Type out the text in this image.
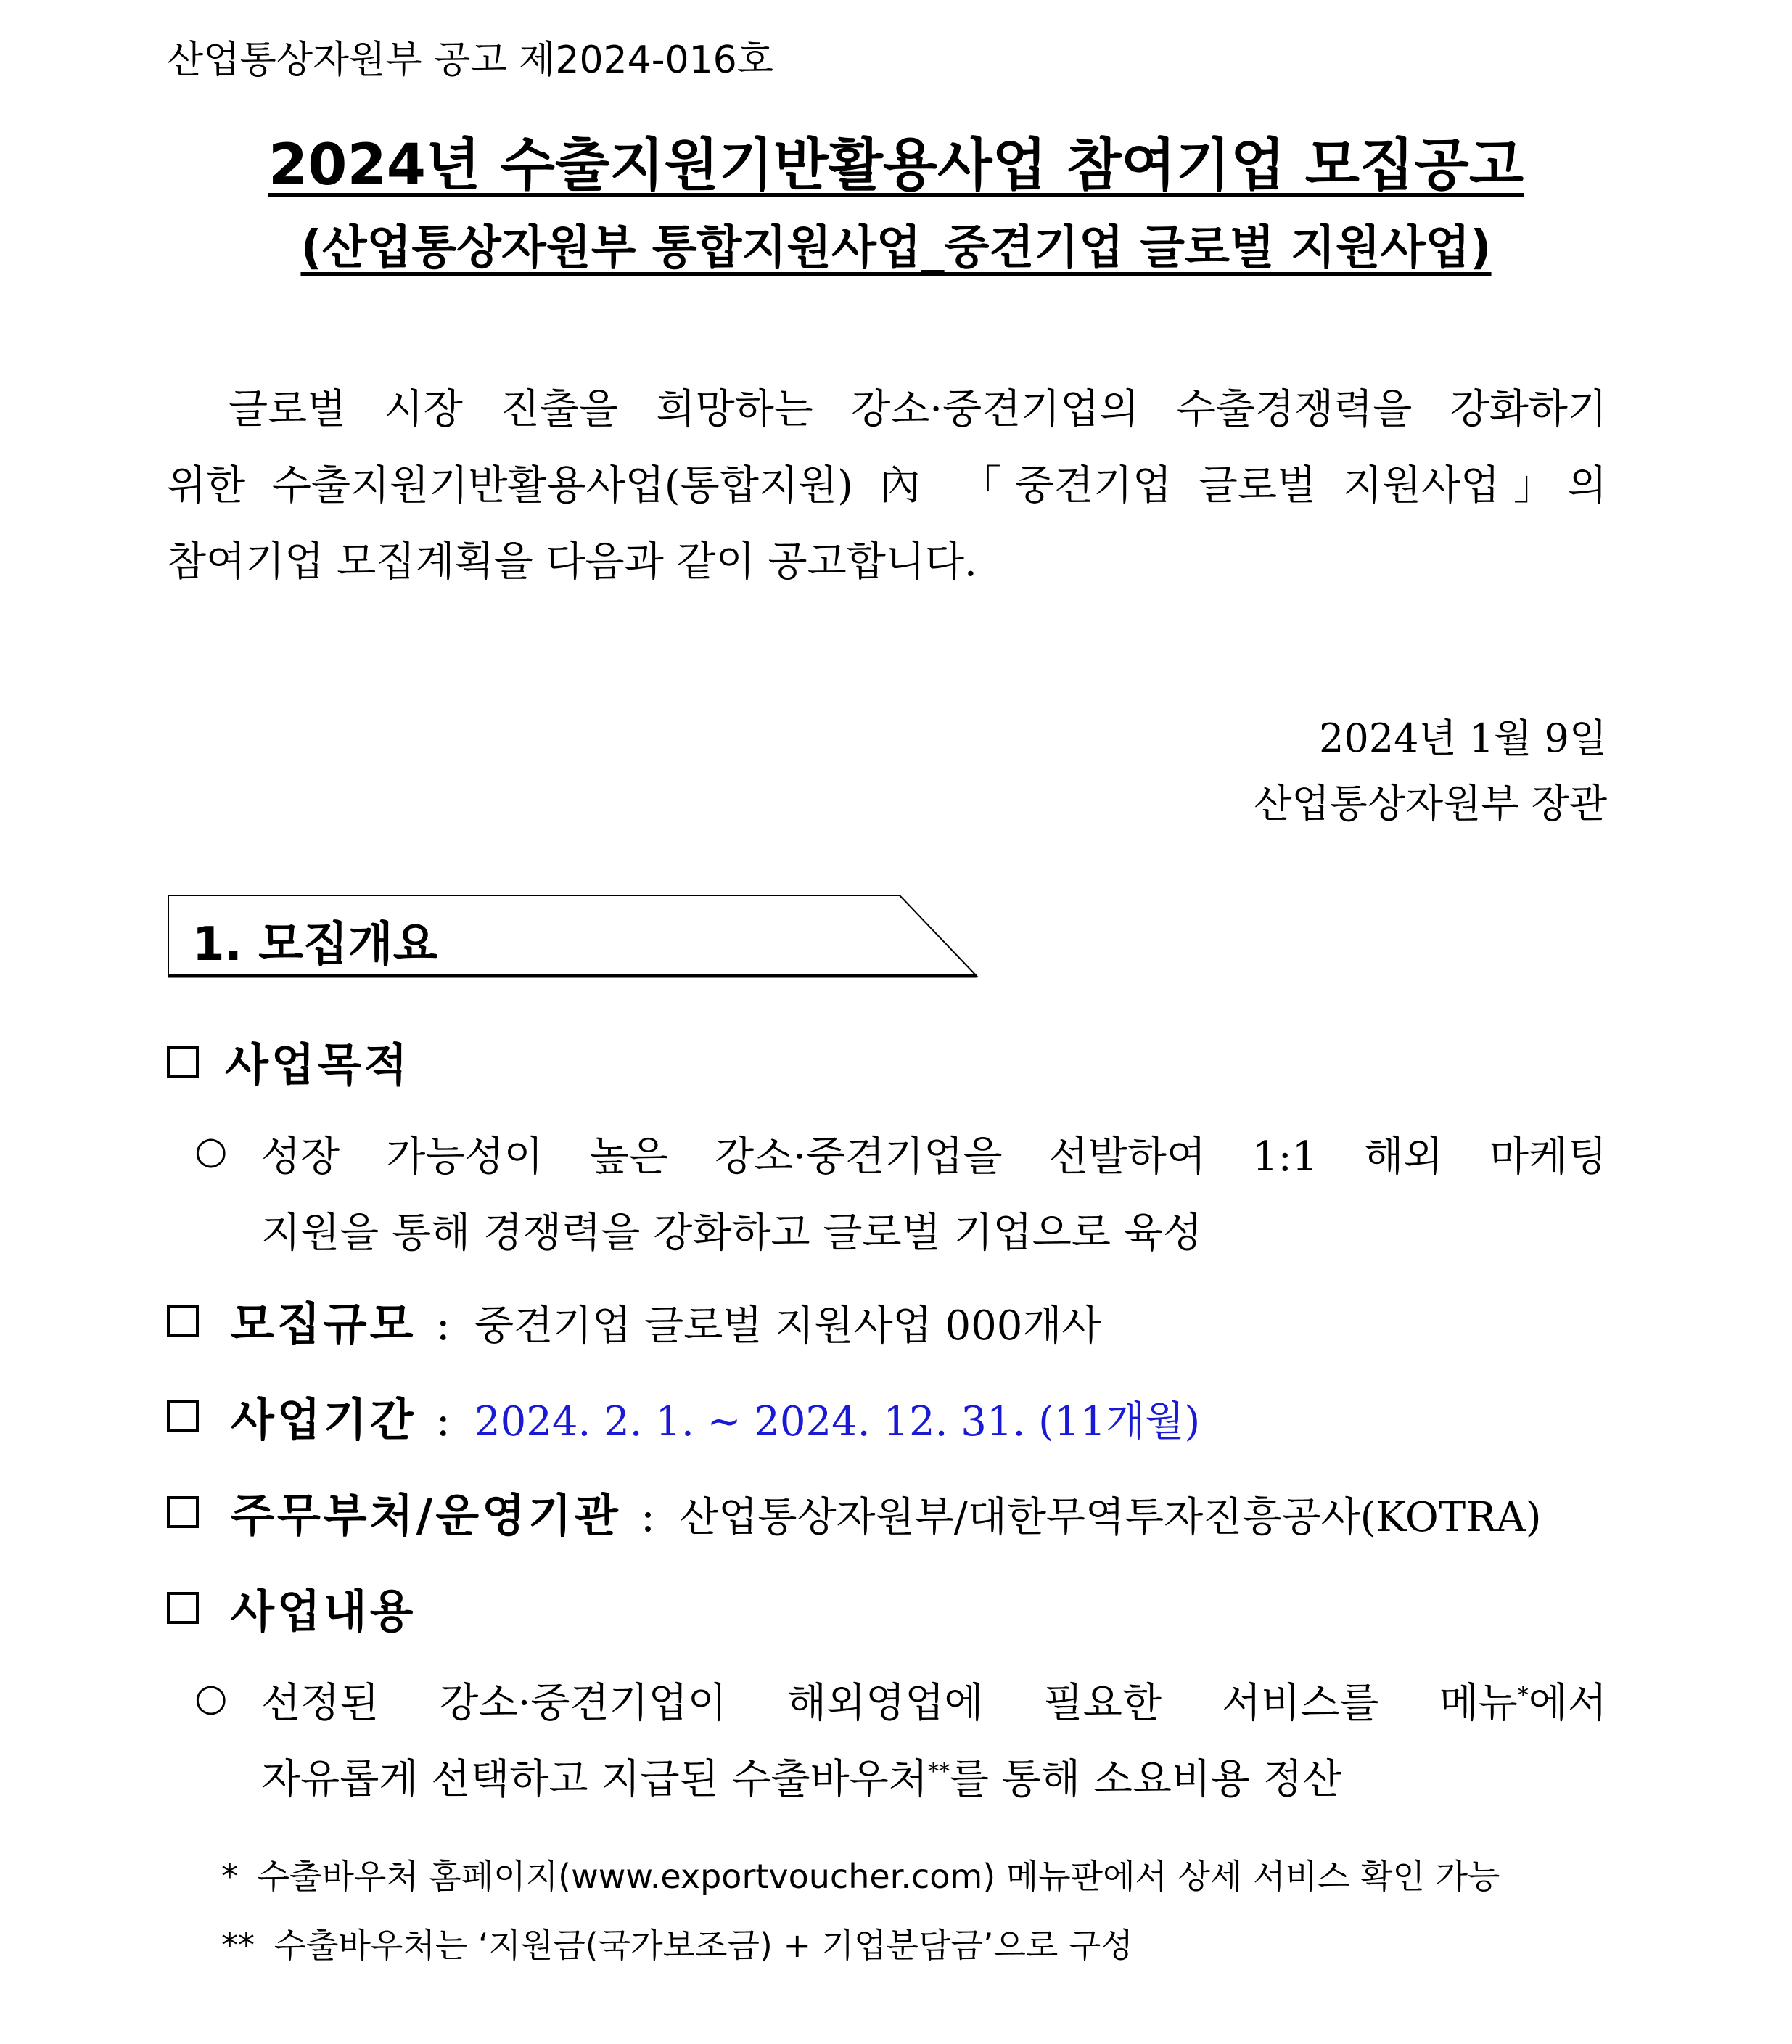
산업통상자원부 공고 제2024-016호
2024년 수출지원기반활용사업 참여기업 모집공고
(산업통상자원부 통합지원사업_중견기업 글로벌 지원사업)
글로벌 시장 진출을 희망하는 강소·중견기업의 수출경쟁력을 강화하기
위한 수출지원기반활용사업(통합지원) 內 「중견기업 글로벌 지원사업」의
참여기업 모집계획을 다음과 같이 공고합니다.
2024년 1월 9일
산업통상자원부 장관
1. 모집개요
사업목적
○ 성장 가능성이 높은 강소·중견기업을 선발하여 1:1 해외 마케팅
지원을 통해 경쟁력을 강화하고 글로벌 기업으로 육성
모집규모 : 중견기업 글로벌 지원사업 000개사
사업기간 : 2024. 2. 1. ~ 2024. 12. 31. (11개월)
주무부처/운영기관 : 산업통상자원부/대한무역투자진흥공사(KOTRA)
사업내용
○ 선정된 강소·중견기업이 해외영업에 필요한 서비스를 메뉴*에서
자유롭게 선택하고 지급된 수출바우처**를 통해 소요비용 정산
* 수출바우처 홈페이지(www.exportvoucher.com) 메뉴판에서 상세 서비스 확인 가능
** 수출바우처는 ‘지원금(국가보조금) + 기업분담금’으로 구성
